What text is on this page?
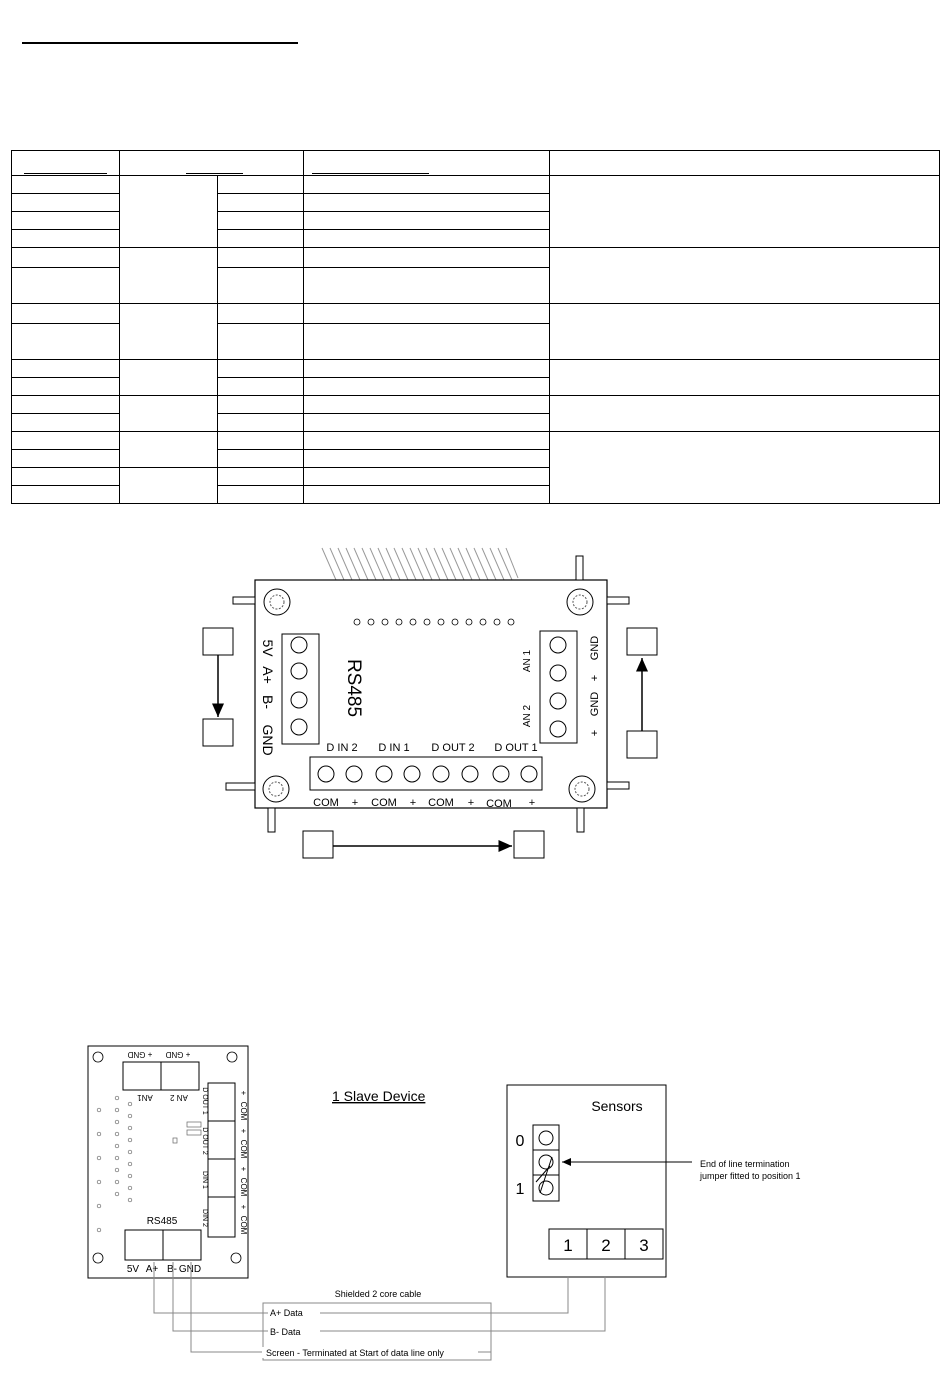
RS485
5V
A+
B-
GND
AN 1
AN 2
GND
+
GND
+
D IN 2 D IN 1 D OUT 2 D OUT 1
COM + COM + COM + COM +
+ GND + GND
AN1 AN 2 D OUT 1
D OUT 2
DIN 1
DIN 2
+
COM
+
COM
+
COM
+
COM
RS485
5V A+ B- GND
1 Slave Device
Sensors
0
1
End of line termination
jumper fitted to position 1
1 2 3
Shielded 2 core cable
A+ Data
B- Data
Screen - Terminated at Start of data line only
